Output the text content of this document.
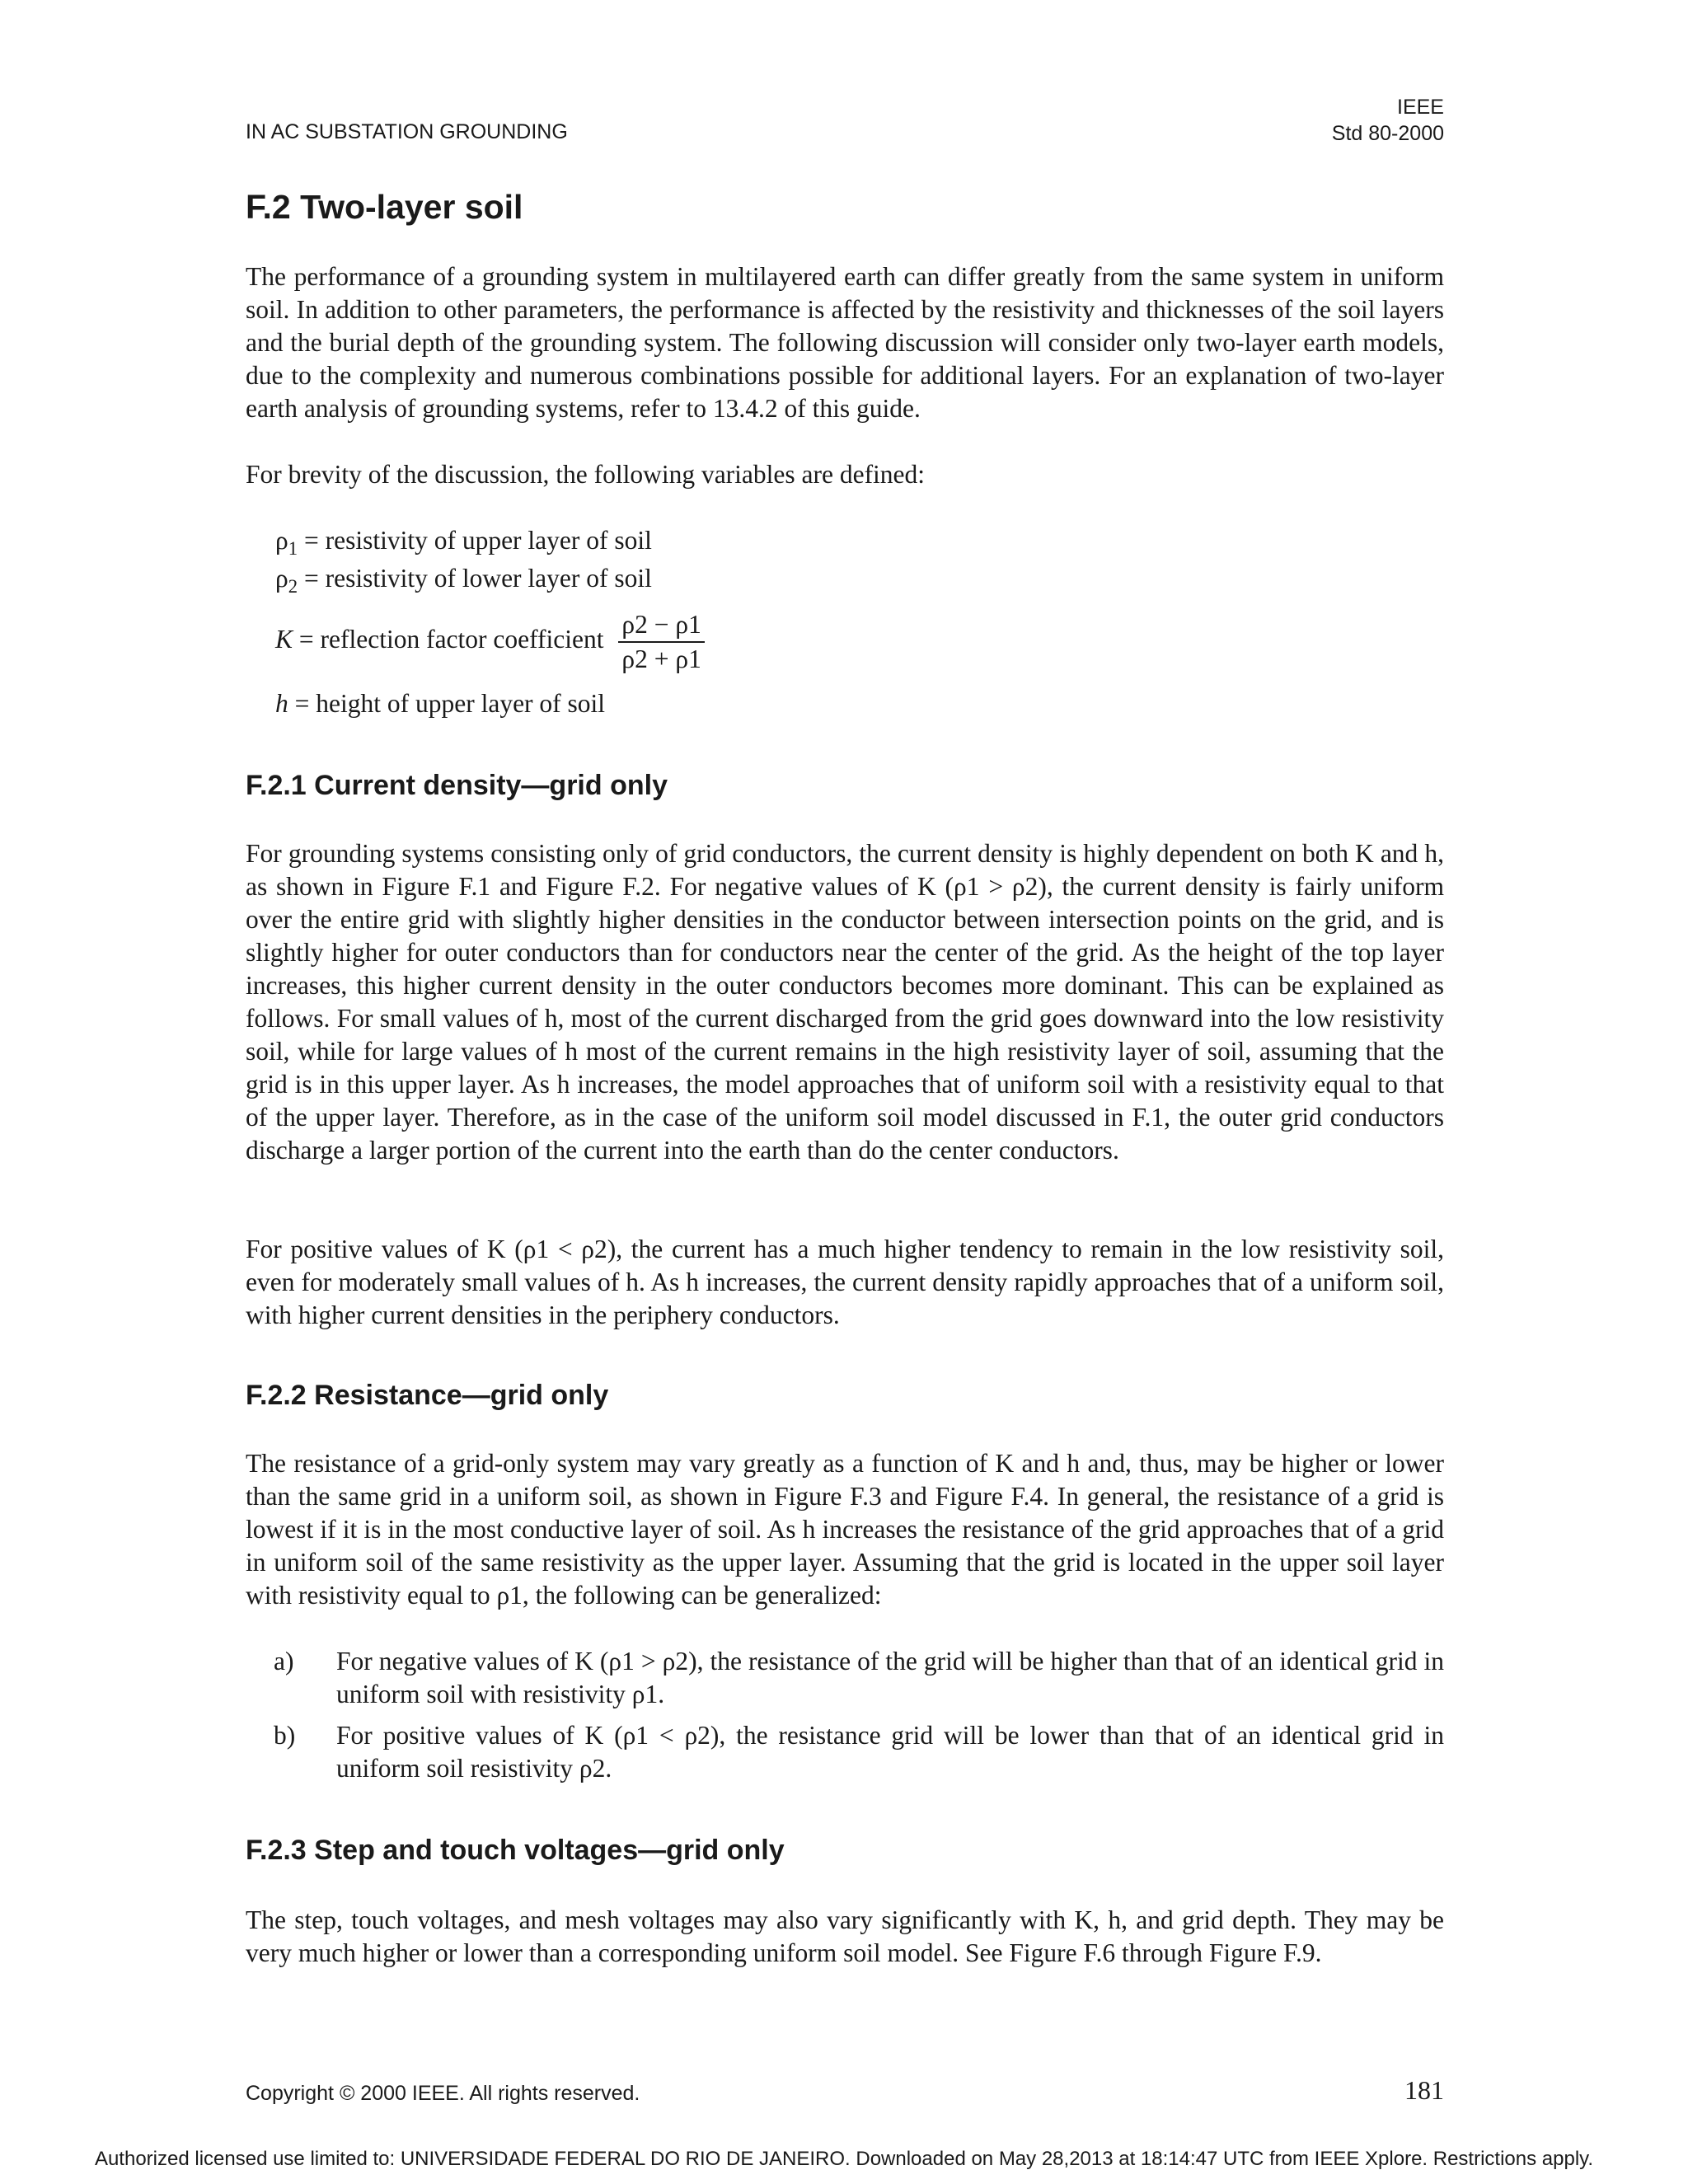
IN AC SUBSTATION GROUNDING
IEEE
Std 80-2000
F.2 Two-layer soil

The performance of a grounding system in multilayered earth can differ greatly from the same system in uniform soil. In addition to other parameters, the performance is affected by the resistivity and thicknesses of the soil layers and the burial depth of the grounding system. The following discussion will consider only two-layer earth models, due to the complexity and numerous combinations possible for additional layers. For an explanation of two-layer earth analysis of grounding systems, refer to 13.4.2 of this guide.

For brevity of the discussion, the following variables are defined:

$\rho_1$ = resistivity of upper layer of soil
$\rho_2$ = resistivity of lower layer of soil
K = reflection factor coefficient $\frac{\rho 2 - \rho 1}{\rho 2 + \rho 1}$
h = height of upper layer of soil
F.2.1 Current density—grid only

For grounding systems consisting only of grid conductors, the current density is highly dependent on both K and h, as shown in Figure F.1 and Figure F.2. For negative values of K (ρ1 > ρ2), the current density is fairly uniform over the entire grid with slightly higher densities in the conductor between intersection points on the grid, and is slightly higher for outer conductors than for conductors near the center of the grid. As the height of the top layer increases, this higher current density in the outer conductors becomes more dominant. This can be explained as follows. For small values of h, most of the current discharged from the grid goes downward into the low resistivity soil, while for large values of h most of the current remains in the high resistivity layer of soil, assuming that the grid is in this upper layer. As h increases, the model approaches that of uniform soil with a resistivity equal to that of the upper layer. Therefore, as in the case of the uniform soil model discussed in F.1, the outer grid conductors discharge a larger portion of the current into the earth than do the center conductors.

For positive values of K (ρ1 < ρ2), the current has a much higher tendency to remain in the low resistivity soil, even for moderately small values of h. As h increases, the current density rapidly approaches that of a uniform soil, with higher current densities in the periphery conductors.

F.2.2 Resistance—grid only

The resistance of a grid-only system may vary greatly as a function of K and h and, thus, may be higher or lower than the same grid in a uniform soil, as shown in Figure F.3 and Figure F.4. In general, the resistance of a grid is lowest if it is in the most conductive layer of soil. As h increases the resistance of the grid approaches that of a grid in uniform soil of the same resistivity as the upper layer. Assuming that the grid is located in the upper soil layer with resistivity equal to ρ1, the following can be generalized:

a) For negative values of K (ρ1 > ρ2), the resistance of the grid will be higher than that of an identical grid in uniform soil with resistivity ρ1.
b) For positive values of K (ρ1 < ρ2), the resistance grid will be lower than that of an identical grid in uniform soil resistivity ρ2.
F.2.3 Step and touch voltages—grid only

The step, touch voltages, and mesh voltages may also vary significantly with K, h, and grid depth. They may be very much higher or lower than a corresponding uniform soil model. See Figure F.6 through Figure F.9.

Copyright © 2000 IEEE. All rights reserved.	181
Authorized licensed use limited to: UNIVERSIDADE FEDERAL DO RIO DE JANEIRO. Downloaded on May 28,2013 at 18:14:47 UTC from IEEE Xplore. Restrictions apply.
